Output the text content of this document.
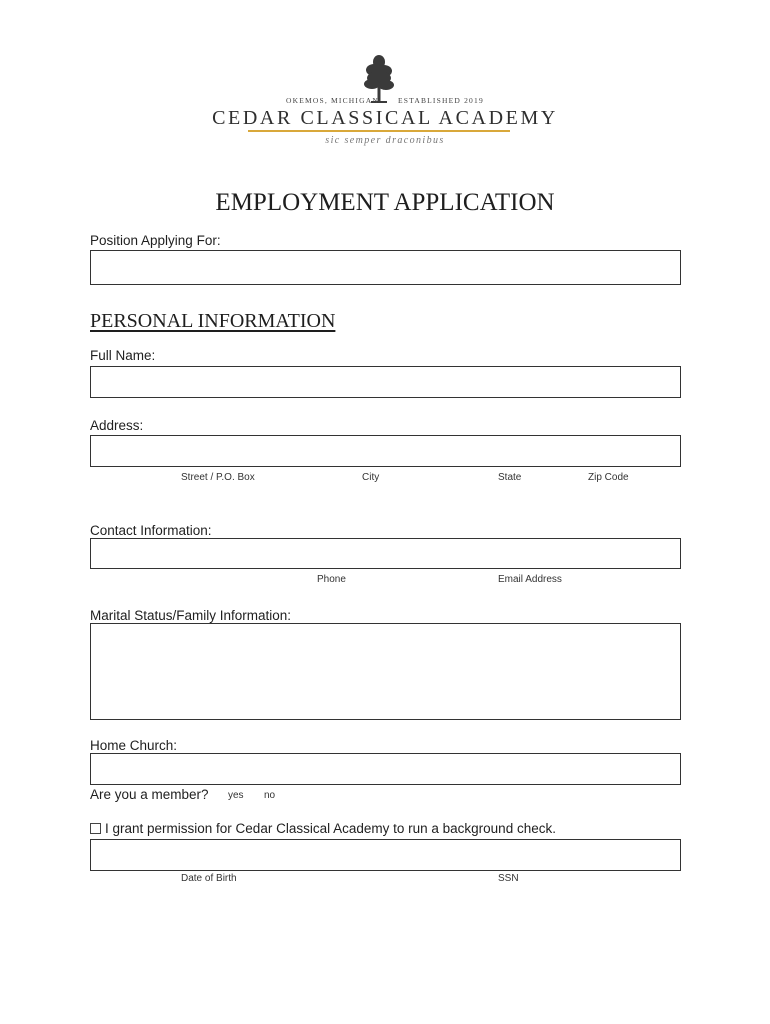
OKEMOS, MICHIGAN	ESTABLISHED 2019
CEDAR CLASSICAL ACADEMY
sic semper draconibus
EMPLOYMENT APPLICATION
Position Applying For:
PERSONAL INFORMATION
Full Name:
Address:
Street / P.O. Box	City	State	Zip Code
Contact Information:
Phone	Email Address
Marital Status/Family Information:
Home Church:
Are you a member? yes no
I grant permission for Cedar Classical Academy to run a background check.
Date of Birth	SSN
